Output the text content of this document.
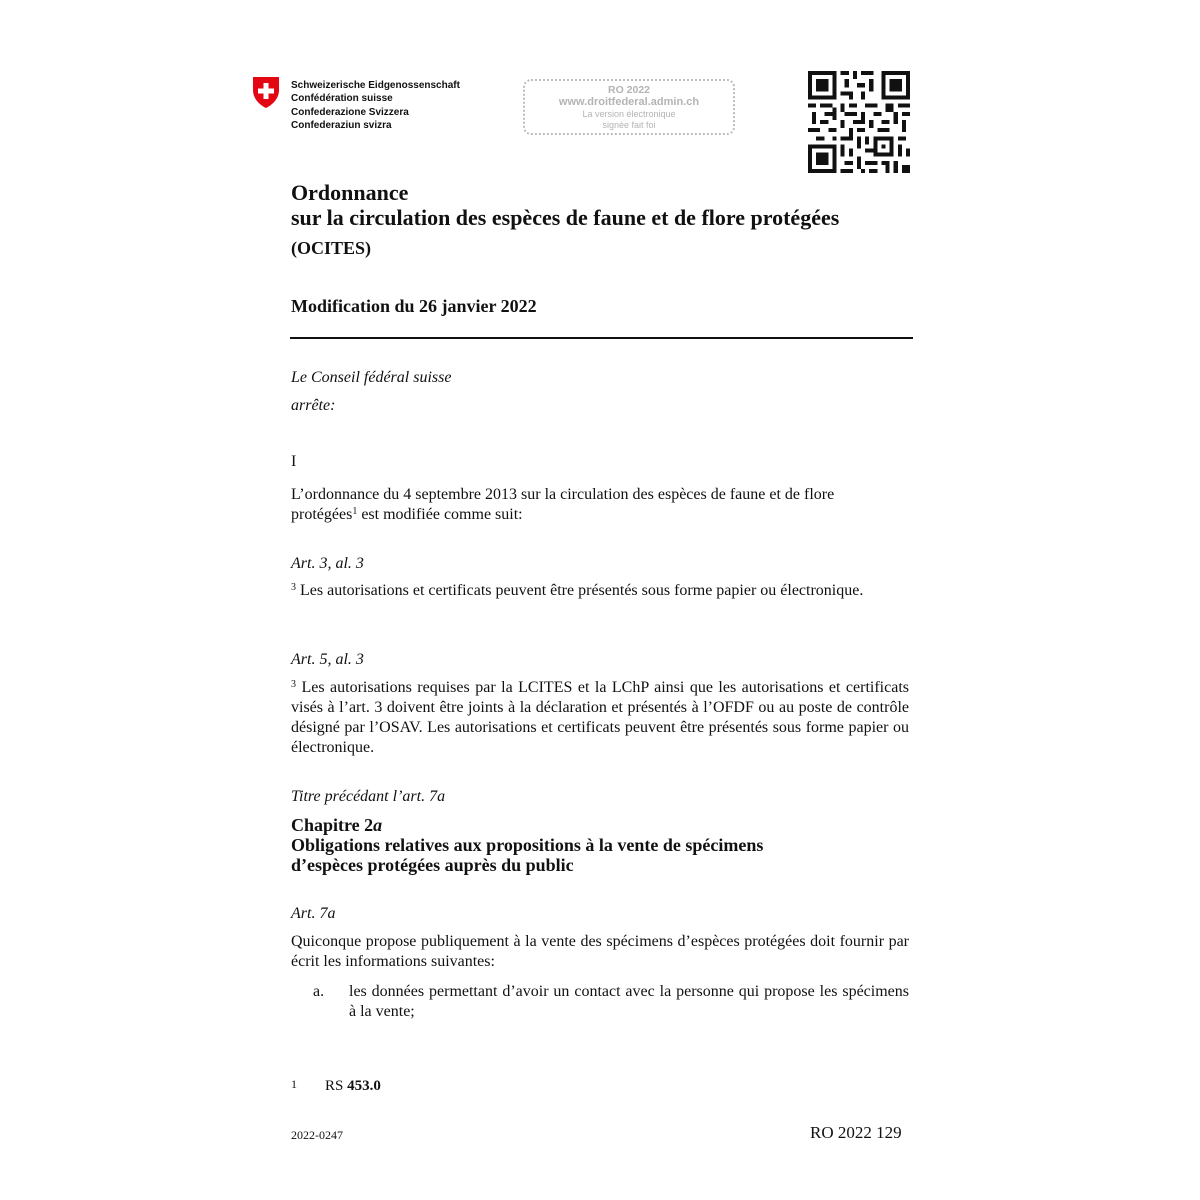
Schweizerische Eidgenossenschaft
Confédération suisse
Confederazione Svizzera
Confederaziun svizra
RO 2022
www.droitfederal.admin.ch
La version électronique
signée fait foi
Ordonnance
sur la circulation des espèces de faune et de flore protégées
(OCITES)
Modification du 26 janvier 2022
Le Conseil fédéral suisse
arrête:
I
L’ordonnance du 4 septembre 2013 sur la circulation des espèces de faune et de flore
protégées$^1$ est modifiée comme suit:
Art. 3, al. 3
$^3$ Les autorisations et certificats peuvent être présentés sous forme papier ou électronique.
Art. 5, al. 3
$^3$ Les autorisations requises par la LCITES et la LChP ainsi que les autorisations et certificats visés à l’art. 3 doivent être joints à la déclaration et présentés à l’OFDF ou au poste de contrôle désigné par l’OSAV. Les autorisations et certificats peuvent être présentés sous forme papier ou électronique.
Titre précédant l’art. 7a
Chapitre 2a
Obligations relatives aux propositions à la vente de spécimens
d’espèces protégées auprès du public
Art. 7a
Quiconque propose publiquement à la vente des spécimens d’espèces protégées doit fournir par écrit les informations suivantes:
a. les données permettant d’avoir un contact avec la personne qui propose les spécimens à la vente;
1 RS 453.0
2022-0247	RO 2022 129
